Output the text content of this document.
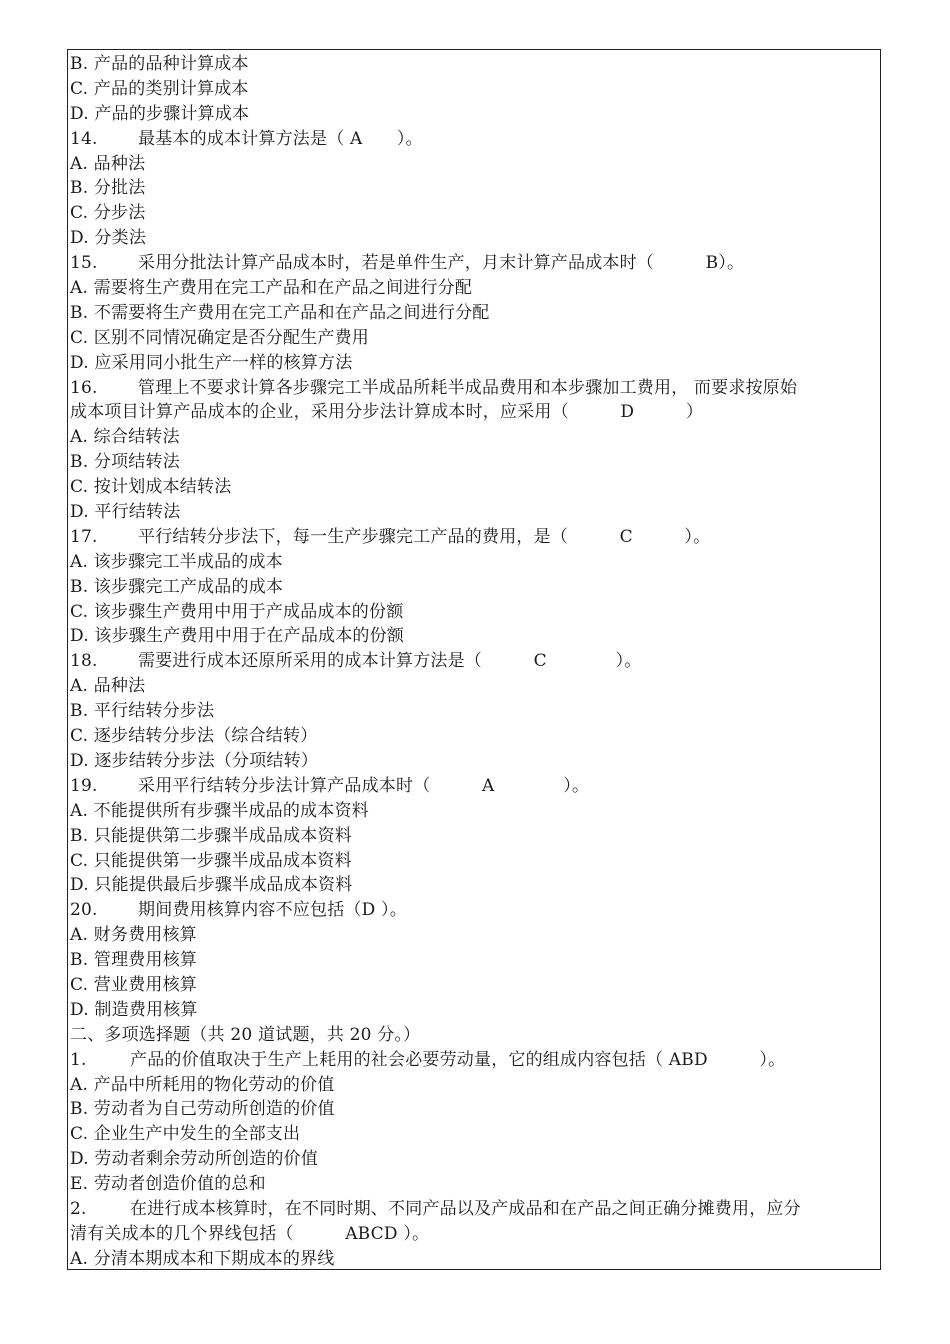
B. 产品的品种计算成本
C. 产品的类别计算成本
D. 产品的步骤计算成本
14. 最基本的成本计算方法是（ A　　）。
A. 品种法
B. 分批法
C. 分步法
D. 分类法
15. 采用分批法计算产品成本时，若是单件生产，月末计算产品成本时（　　　B）。
A. 需要将生产费用在完工产品和在产品之间进行分配
B. 不需要将生产费用在完工产品和在产品之间进行分配
C. 区别不同情况确定是否分配生产费用
D. 应采用同小批生产一样的核算方法
16. 管理上不要求计算各步骤完工半成品所耗半成品费用和本步骤加工费用， 而要求按原始
成本项目计算产品成本的企业，采用分步法计算成本时，应采用（　　　D　　　）
A. 综合结转法
B. 分项结转法
C. 按计划成本结转法
D. 平行结转法
17. 平行结转分步法下，每一生产步骤完工产品的费用，是（　　　C　　　）。
A. 该步骤完工半成品的成本
B. 该步骤完工产成品的成本
C. 该步骤生产费用中用于产成品成本的份额
D. 该步骤生产费用中用于在产品成本的份额
18. 需要进行成本还原所采用的成本计算方法是（　　　C　　　　）。
A. 品种法
B. 平行结转分步法
C. 逐步结转分步法（综合结转）
D. 逐步结转分步法（分项结转）
19. 采用平行结转分步法计算产品成本时（　　　A　　　　）。
A. 不能提供所有步骤半成品的成本资料
B. 只能提供第二步骤半成品成本资料
C. 只能提供第一步骤半成品成本资料
D. 只能提供最后步骤半成品成本资料
20. 期间费用核算内容不应包括（D ）。
A. 财务费用核算
B. 管理费用核算
C. 营业费用核算
D. 制造费用核算
二、多项选择题（共 20 道试题，共 20 分。）
1.	产品的价值取决于生产上耗用的社会必要劳动量，它的组成内容包括（ ABD　　　）。
A. 产品中所耗用的物化劳动的价值
B. 劳动者为自己劳动所创造的价值
C. 企业生产中发生的全部支出
D. 劳动者剩余劳动所创造的价值
E. 劳动者创造价值的总和
2.	在进行成本核算时，在不同时期、不同产品以及产成品和在产品之间正确分摊费用，应分
清有关成本的几个界线包括（　　　ABCD ）。
A. 分清本期成本和下期成本的界线
